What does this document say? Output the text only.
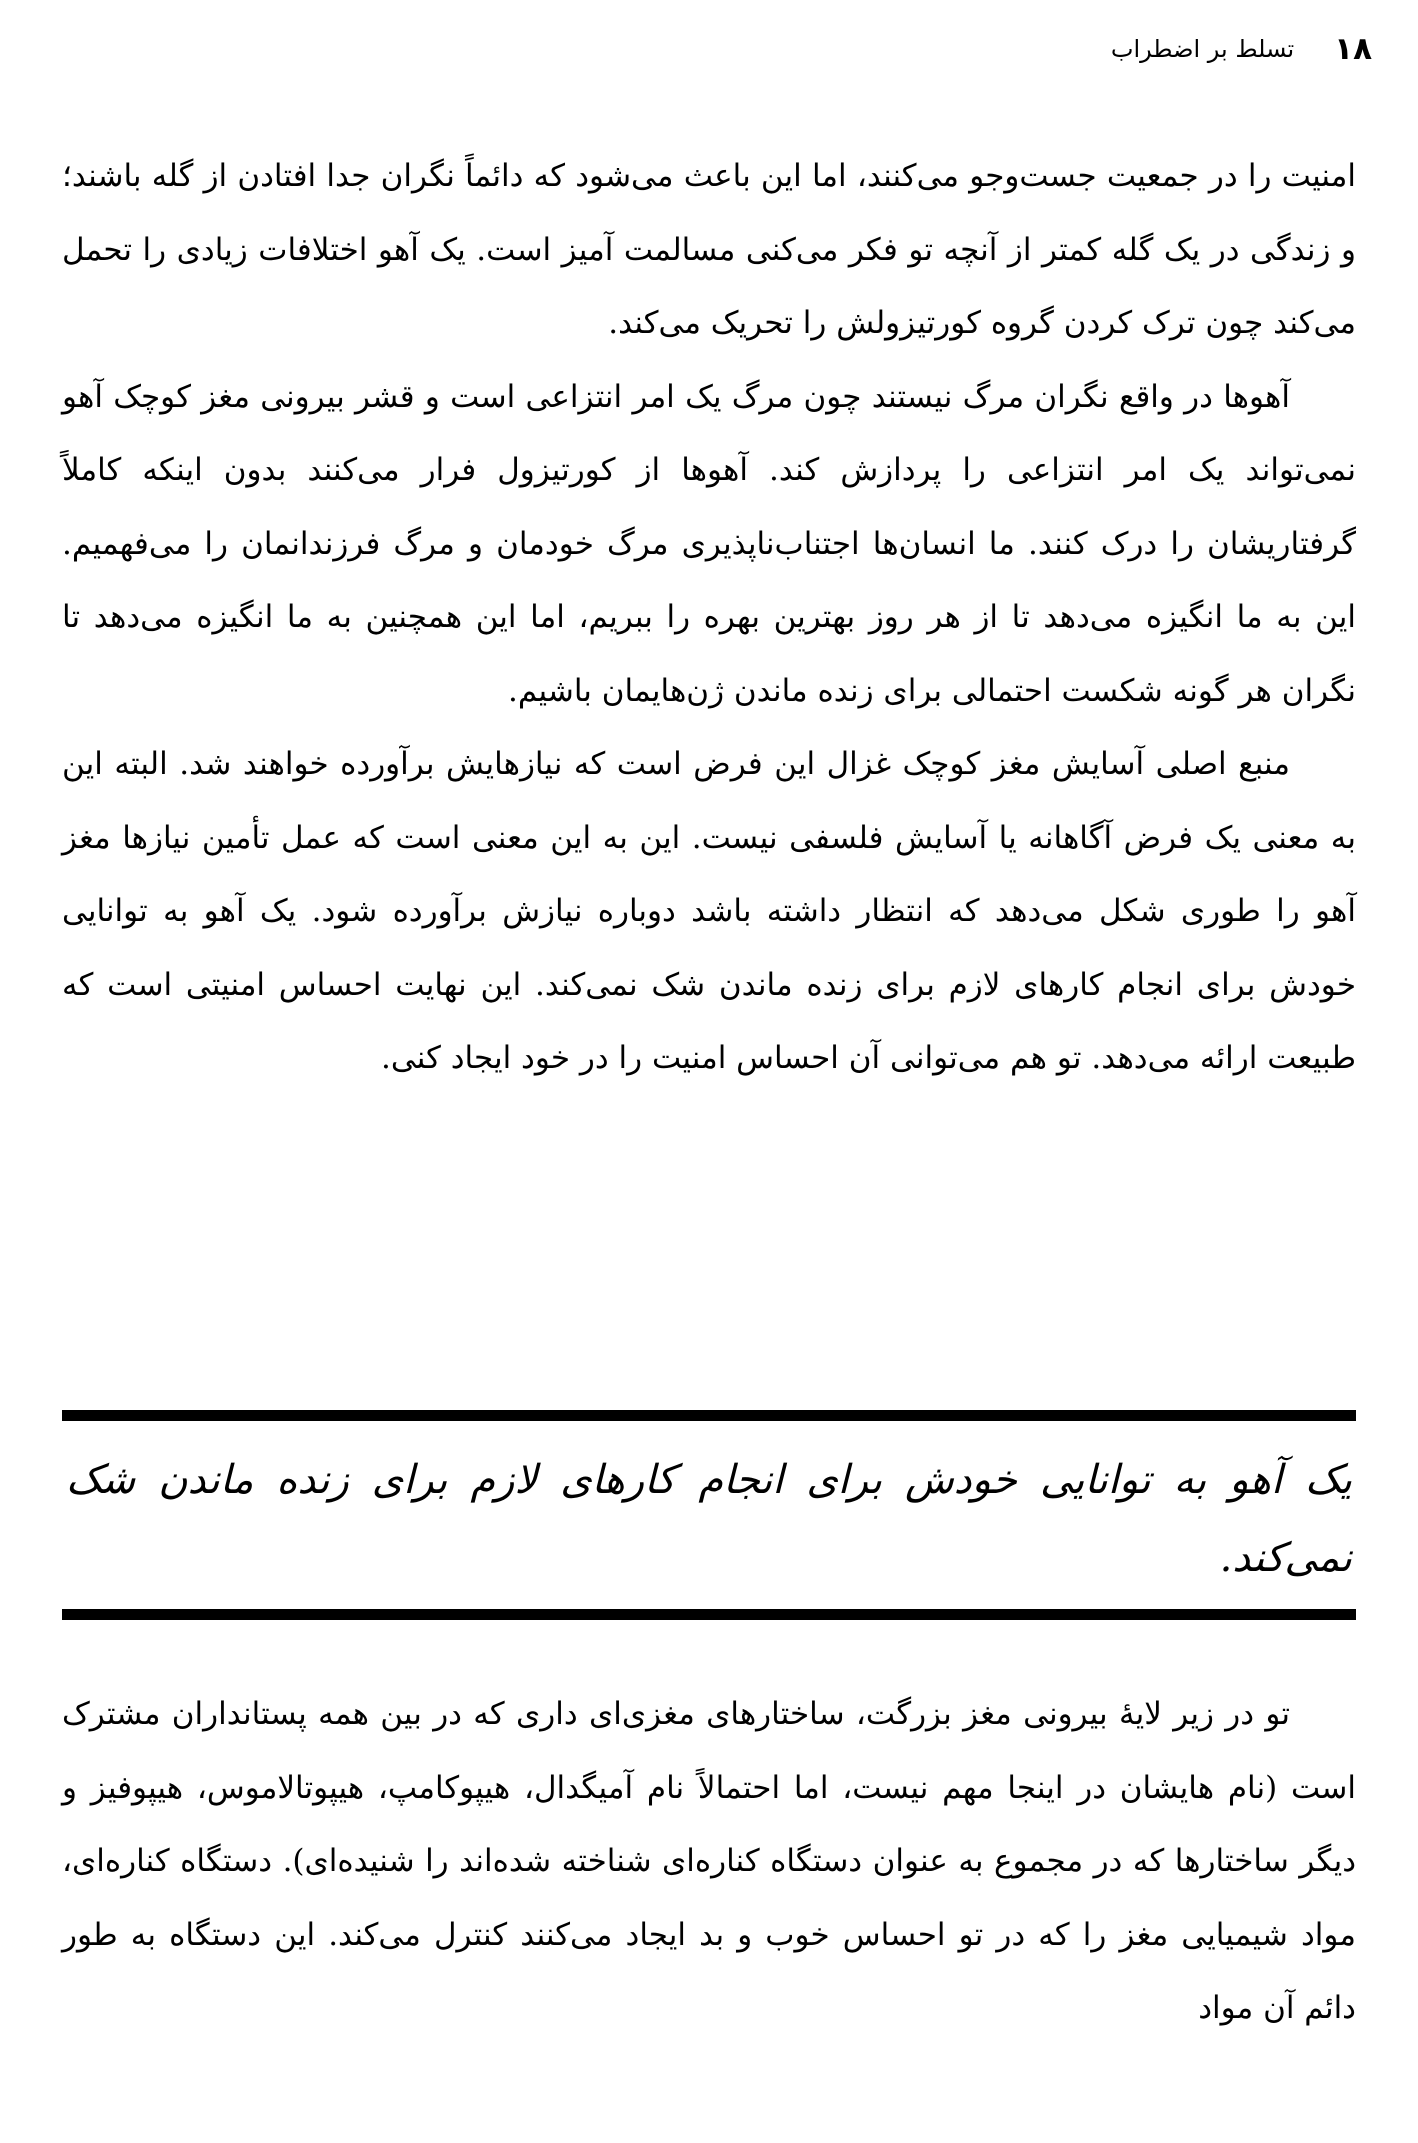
۱۸
تسلط بر اضطراب

امنیت را در جمعیت جست‌وجو می‌کنند، اما این باعث می‌شود که دائماً نگران جدا افتادن از گله باشند؛ و زندگی در یک گله کمتر از آنچه تو فکر می‌کنی مسالمت آمیز است. یک آهو اختلافات زیادی را تحمل می‌کند چون ترک کردن گروه کورتیزولش را تحریک می‌کند.

آهوها در واقع نگران مرگ نیستند چون مرگ یک امر انتزاعی است و قشر بیرونی مغز کوچک آهو نمی‌تواند یک امر انتزاعی را پردازش کند. آهوها از کورتیزول فرار می‌کنند بدون اینکه کاملاً گرفتاریشان را درک کنند. ما انسان‌ها اجتناب‌ناپذیری مرگ خودمان و مرگ فرزندانمان را می‌فهمیم. این به ما انگیزه می‌دهد تا از هر روز بهترین بهره را ببریم، اما این همچنین به ما انگیزه می‌دهد تا نگران هر گونه شکست احتمالی برای زنده ماندن ژن‌هایمان باشیم.

منبع اصلی آسایش مغز کوچک غزال این فرض است که نیازهایش برآورده خواهند شد. البته این به معنی یک فرض آگاهانه یا آسایش فلسفی نیست. این به این معنی است که عمل تأمین نیازها مغز آهو را طوری شکل می‌دهد که انتظار داشته باشد دوباره نیازش برآورده شود. یک آهو به توانایی خودش برای انجام کارهای لازم برای زنده ماندن شک نمی‌کند. این نهایت احساس امنیتی است که طبیعت ارائه می‌دهد. تو هم می‌توانی آن احساس امنیت را در خود ایجاد کنی.

یک آهو به توانایی خودش برای انجام کارهای لازم برای زنده ماندن شک نمی‌کند.

تو در زیر لایهٔ بیرونی مغز بزرگت، ساختارهای مغزی‌ای داری که در بین همه پستانداران مشترک است (نام هایشان در اینجا مهم نیست، اما احتمالاً نام آمیگدال، هیپوکامپ، هیپوتالاموس، هیپوفیز و دیگر ساختارها که در مجموع به عنوان دستگاه کناره‌ای شناخته شده‌اند را شنیده‌ای). دستگاه کناره‌ای، مواد شیمیایی مغز را که در تو احساس خوب و بد ایجاد می‌کنند کنترل می‌کند. این دستگاه به طور دائم آن مواد
